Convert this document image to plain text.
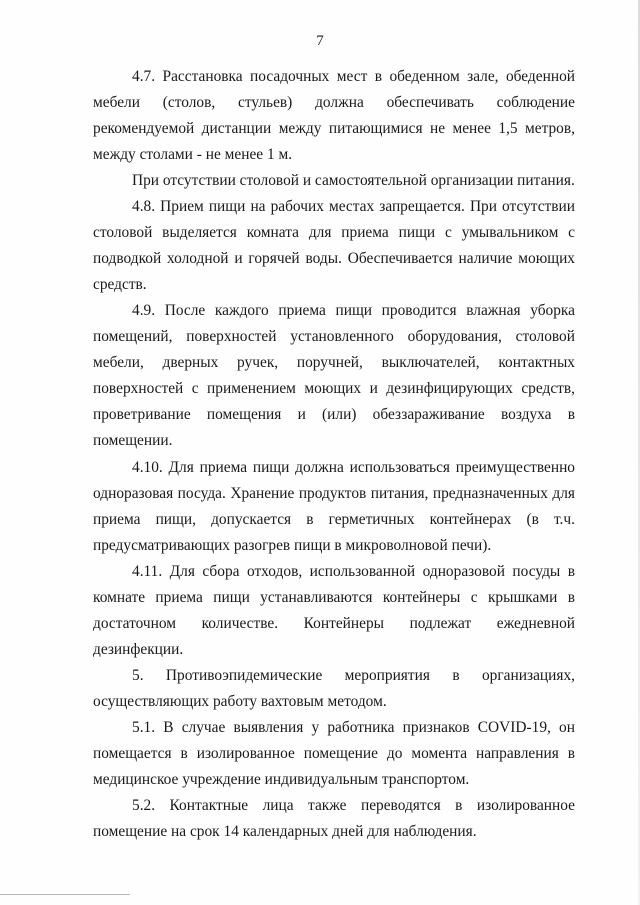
7

4.7. Расстановка посадочных мест в обеденном зале, обеденной мебели (столов, стульев) должна обеспечивать соблюдение рекомендуемой дистанции между питающимися не менее 1,5 метров, между столами - не менее 1 м.

При отсутствии столовой и самостоятельной организации питания.

4.8. Прием пищи на рабочих местах запрещается. При отсутствии столовой выделяется комната для приема пищи с умывальником с подводкой холодной и горячей воды. Обеспечивается наличие моющих средств.

4.9. После каждого приема пищи проводится влажная уборка помещений, поверхностей установленного оборудования, столовой мебели, дверных ручек, поручней, выключателей, контактных поверхностей с применением моющих и дезинфицирующих средств, проветривание помещения и (или) обеззараживание воздуха в помещении.

4.10. Для приема пищи должна использоваться преимущественно одноразовая посуда. Хранение продуктов питания, предназначенных для приема пищи, допускается в герметичных контейнерах (в т.ч. предусматривающих разогрев пищи в микроволновой печи).

4.11. Для сбора отходов, использованной одноразовой посуды в комнате приема пищи устанавливаются контейнеры с крышками в достаточном количестве. Контейнеры подлежат ежедневной дезинфекции.

5. Противоэпидемические мероприятия в организациях, осуществляющих работу вахтовым методом.

5.1. В случае выявления у работника признаков COVID-19, он помещается в изолированное помещение до момента направления в медицинское учреждение индивидуальным транспортом.

5.2. Контактные лица также переводятся в изолированное помещение на срок 14 календарных дней для наблюдения.
